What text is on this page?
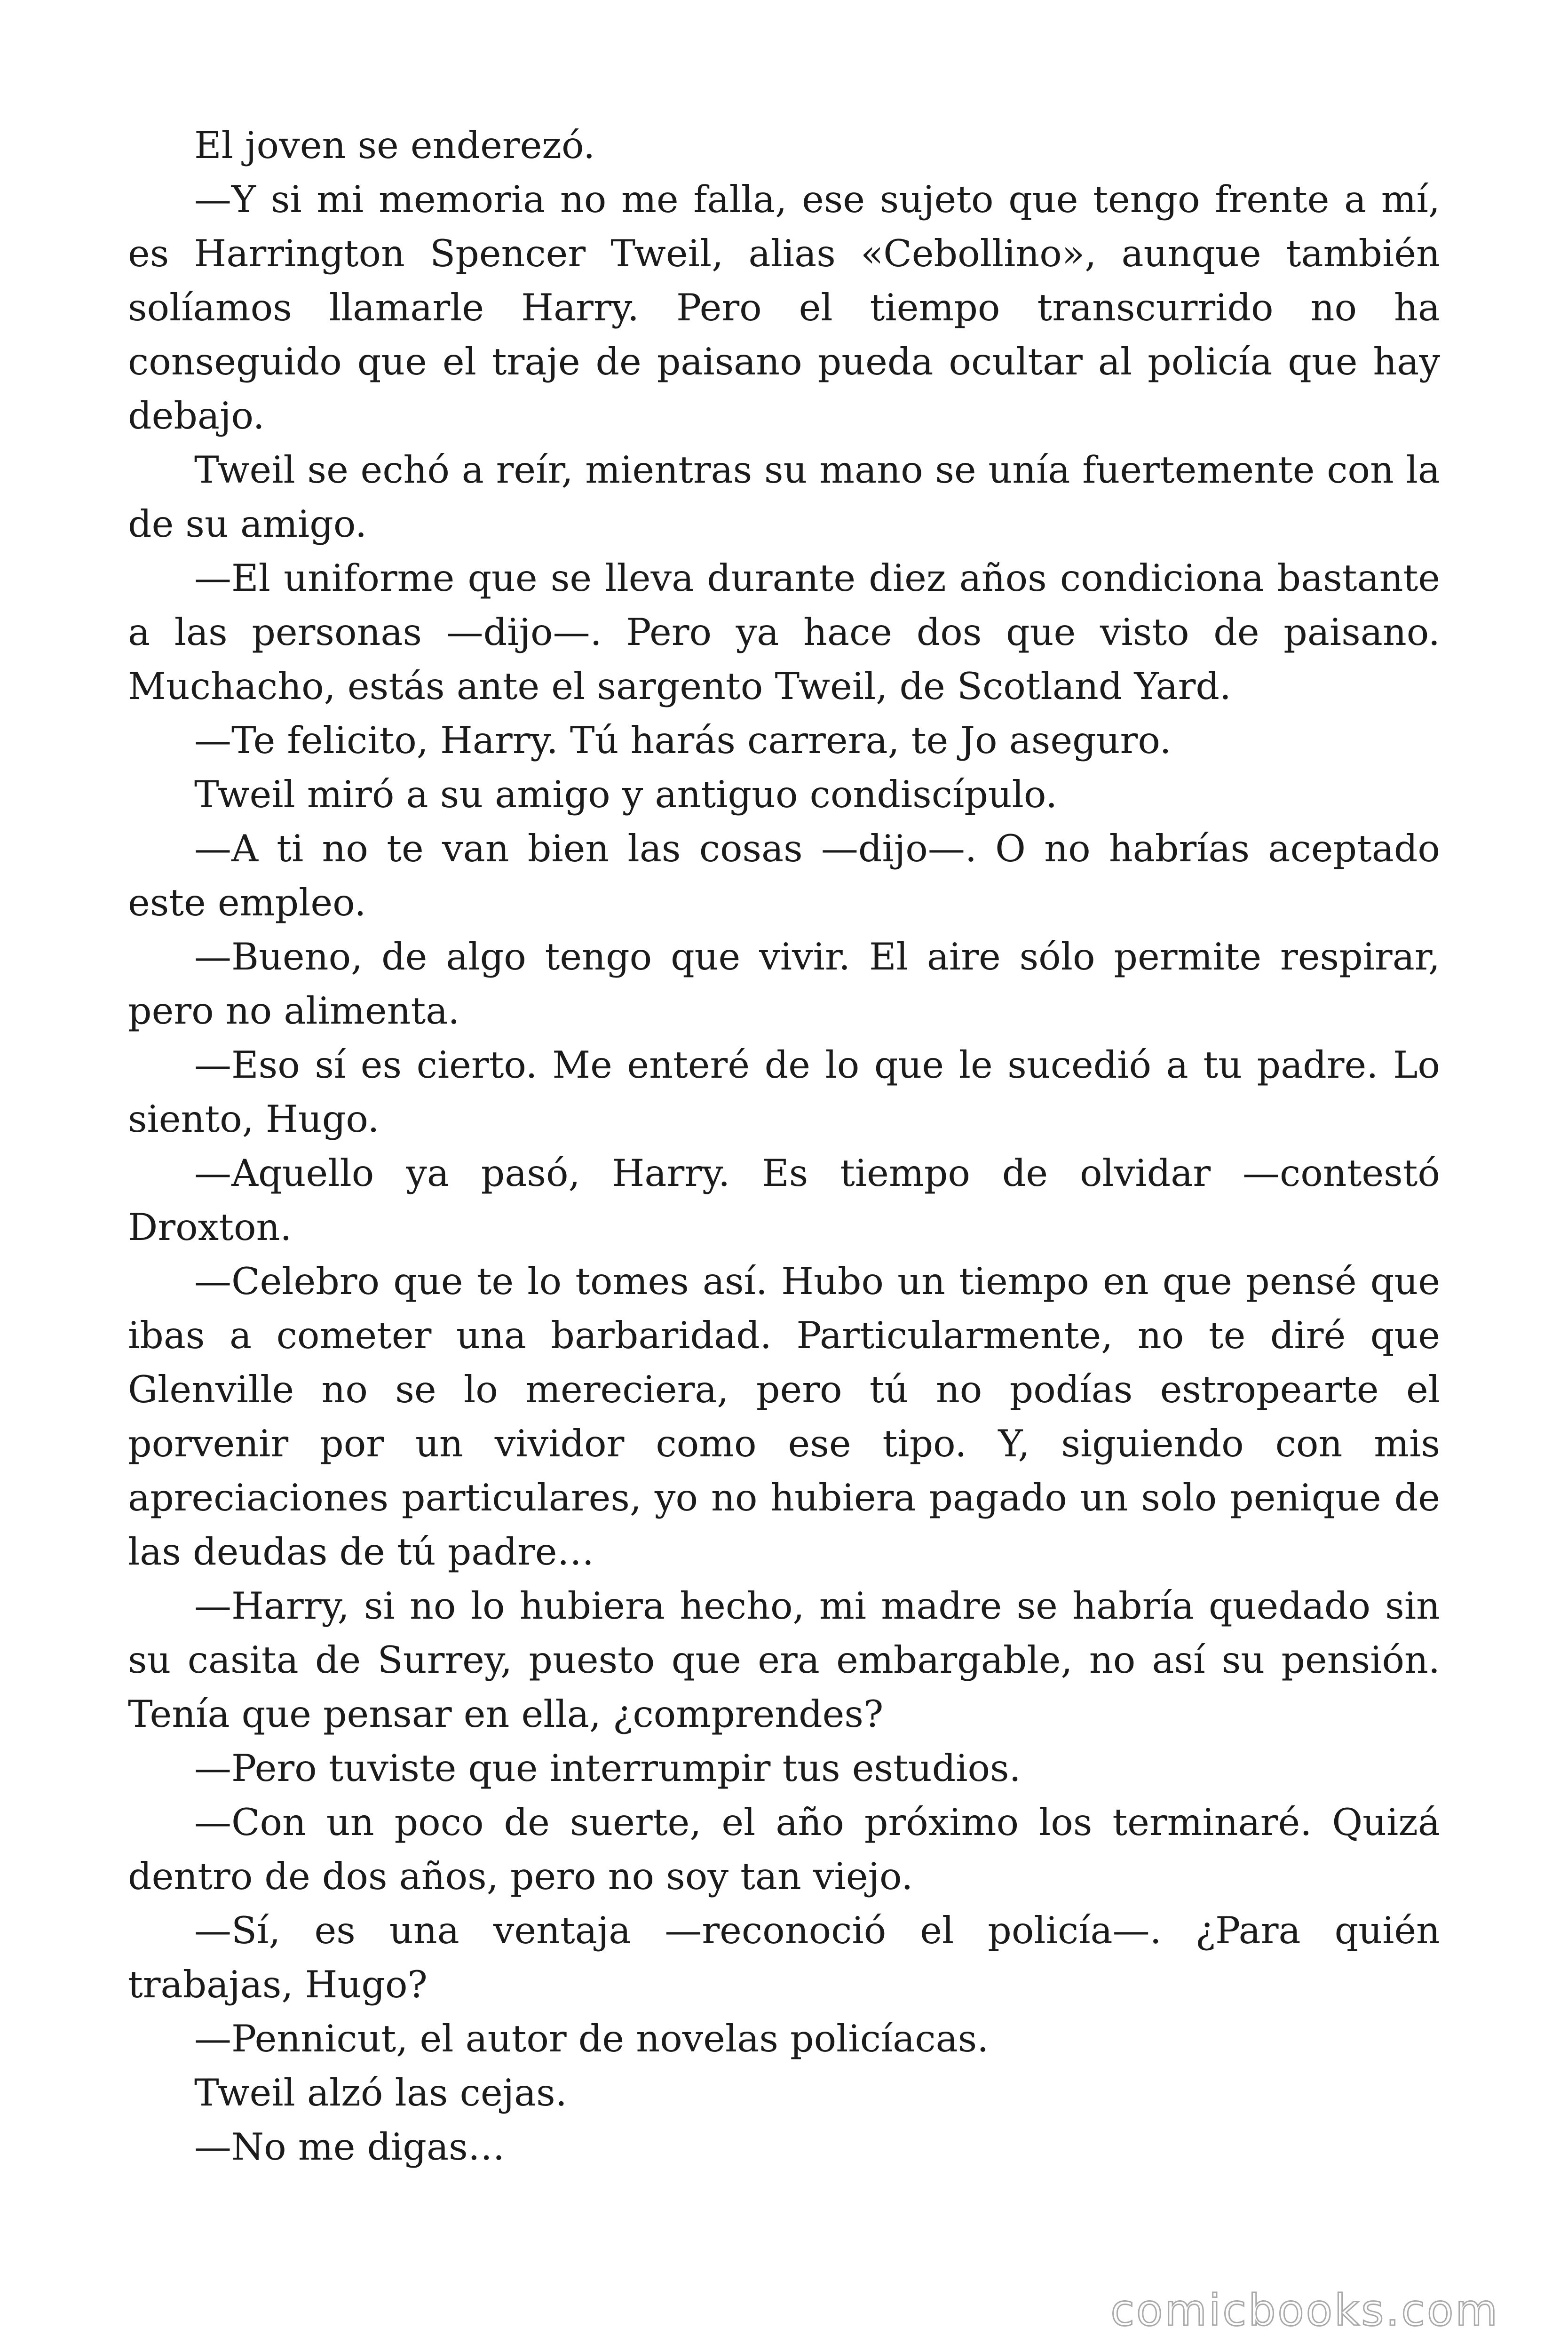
El joven se enderezó.

—Y si mi memoria no me falla, ese sujeto que tengo frente a mí, es Harrington Spencer Tweil, alias «Cebollino», aunque también solíamos llamarle Harry. Pero el tiempo transcurrido no ha conseguido que el traje de paisano pueda ocultar al policía que hay debajo.

Tweil se echó a reír, mientras su mano se unía fuertemente con la de su amigo.

—El uniforme que se lleva durante diez años condiciona bastante a las personas —dijo—. Pero ya hace dos que visto de paisano. Muchacho, estás ante el sargento Tweil, de Scotland Yard.

—Te felicito, Harry. Tú harás carrera, te Jo aseguro.

Tweil miró a su amigo y antiguo condiscípulo.

—A ti no te van bien las cosas —dijo—. O no habrías aceptado este empleo.

—Bueno, de algo tengo que vivir. El aire sólo permite respirar, pero no alimenta.

—Eso sí es cierto. Me enteré de lo que le sucedió a tu padre. Lo siento, Hugo.

—Aquello ya pasó, Harry. Es tiempo de olvidar —contestó Droxton.

—Celebro que te lo tomes así. Hubo un tiempo en que pensé que ibas a cometer una barbaridad. Particularmente, no te diré que Glenville no se lo mereciera, pero tú no podías estropearte el porvenir por un vividor como ese tipo. Y, siguiendo con mis apreciaciones particulares, yo no hubiera pagado un solo penique de las deudas de tú padre…

—Harry, si no lo hubiera hecho, mi madre se habría quedado sin su casita de Surrey, puesto que era embargable, no así su pensión. Tenía que pensar en ella, ¿comprendes?

—Pero tuviste que interrumpir tus estudios.

—Con un poco de suerte, el año próximo los terminaré. Quizá dentro de dos años, pero no soy tan viejo.

—Sí, es una ventaja —reconoció el policía—. ¿Para quién trabajas, Hugo?

—Pennicut, el autor de novelas policíacas.

Tweil alzó las cejas.

—No me digas…

comicbooks.com
